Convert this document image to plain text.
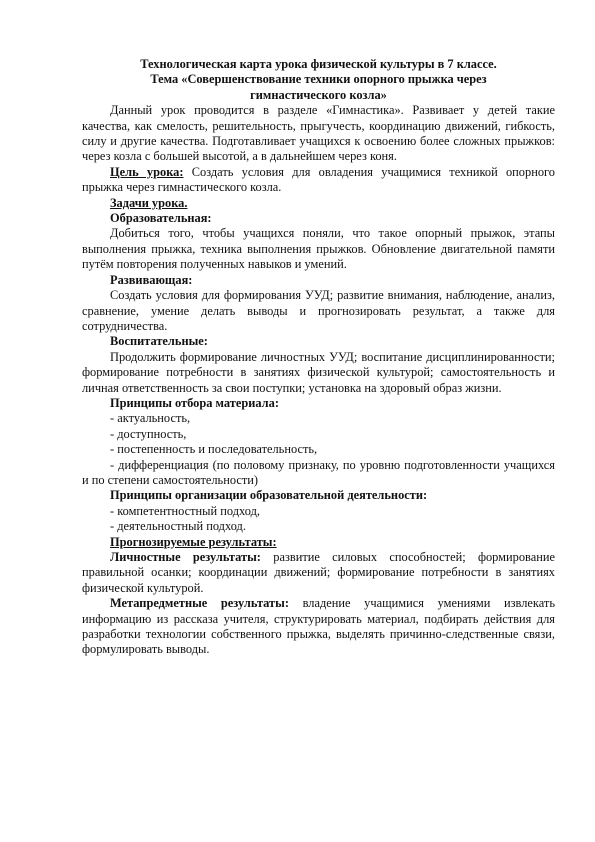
Технологическая карта урока физической культуры в 7 классе.
Тема «Совершенствование техники опорного прыжка через
гимнастического козла»

Данный урок проводится в разделе «Гимнастика». Развивает у детей такие качества, как смелость, решительность, прыгучесть, координацию движений, гибкость, силу и другие качества. Подготавливает учащихся к освоению более сложных прыжков: через козла с большей высотой, а в дальнейшем через коня.

Цель урока: Создать условия для овладения учащимися техникой опорного прыжка через гимнастического козла.

Задачи урока.

Образовательная:

Добиться того, чтобы учащихся поняли, что такое опорный прыжок, этапы выполнения прыжка, техника выполнения прыжков. Обновление двигательной памяти путём повторения полученных навыков и умений.

Развивающая:

Создать условия для формирования УУД; развитие внимания, наблюдение, анализ, сравнение, умение делать выводы и прогнозировать результат, а также для сотрудничества.

Воспитательные:

Продолжить формирование личностных УУД; воспитание дисциплинированности; формирование потребности в занятиях физической культурой; самостоятельность и личная ответственность за свои поступки; установка на здоровый образ жизни.

Принципы отбора материала:

- актуальность,

- доступность,

- постепенность и последовательность,

- дифференциация (по половому признаку, по уровню подготовленности учащихся и по степени самостоятельности)

Принципы организации образовательной деятельности:

- компетентностный подход,

- деятельностный подход.

Прогнозируемые результаты:

Личностные результаты: развитие силовых способностей; формирование правильной осанки; координации движений; формирование потребности в занятиях физической культурой.

Метапредметные результаты: владение учащимися умениями извлекать информацию из рассказа учителя, структурировать материал, подбирать действия для разработки технологии собственного прыжка, выделять причинно-следственные связи, формулировать выводы.
